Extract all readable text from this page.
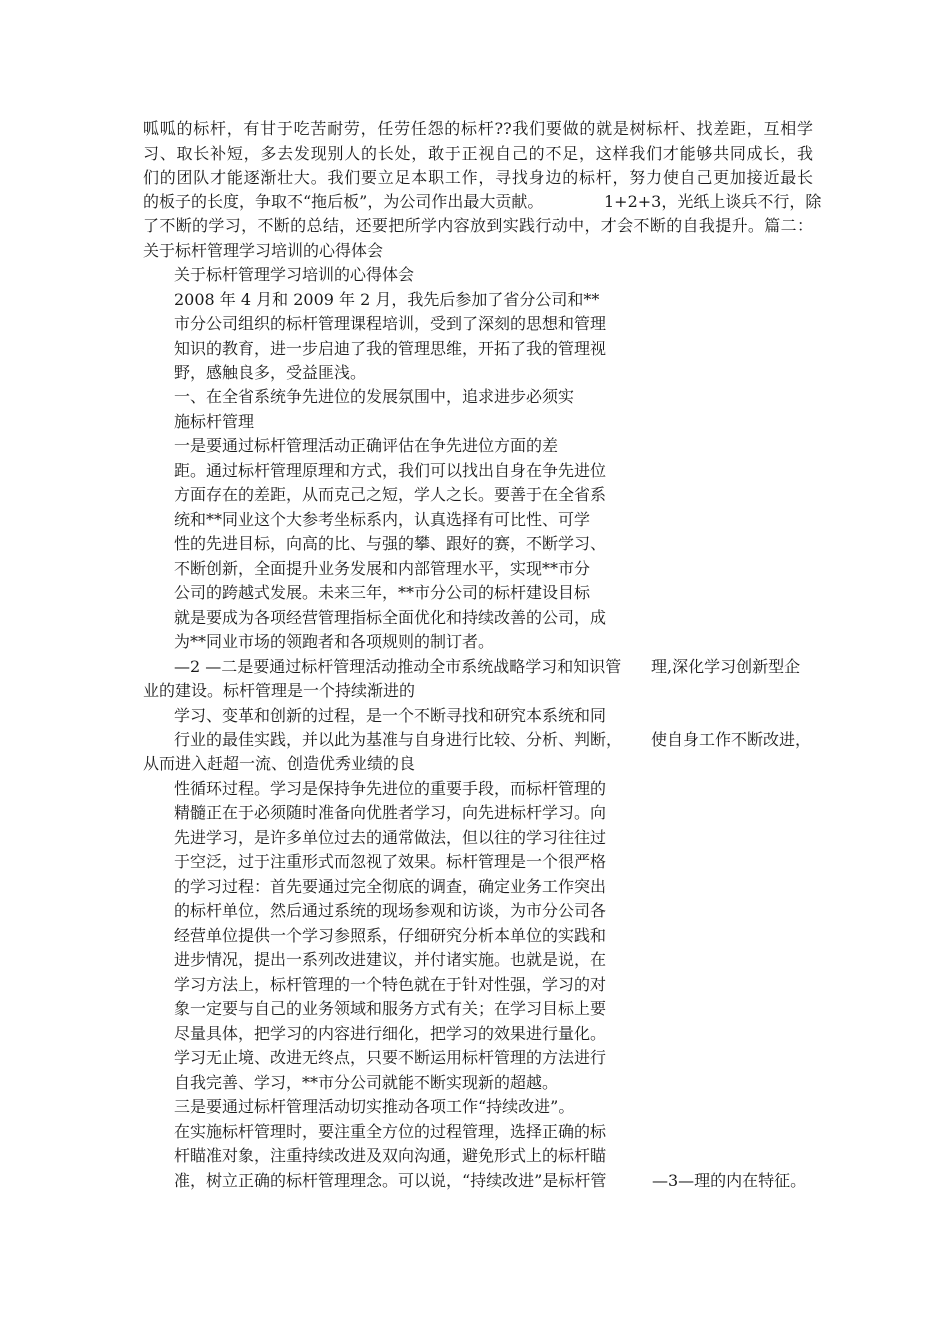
呱呱的标杆，有甘于吃苦耐劳，任劳任怨的标杆??我们要做的就是树标杆、找差距，互相学
习、取长补短，多去发现别人的长处，敢于正视自己的不足，这样我们才能够共同成长，我
们的团队才能逐渐壮大。我们要立足本职工作，寻找身边的标杆，努力使自己更加接近最长
的板子的长度，争取不“拖后板”，为公司作出最大贡献。	1+2+3，光纸上谈兵不行，除
了不断的学习，不断的总结，还要把所学内容放到实践行动中，才会不断的自我提升。篇二：
关于标杆管理学习培训的心得体会
关于标杆管理学习培训的心得体会
2008 年 4 月和 2009 年 2 月，我先后参加了省分公司和**
市分公司组织的标杆管理课程培训，受到了深刻的思想和管理
知识的教育，进一步启迪了我的管理思维，开拓了我的管理视
野，感触良多，受益匪浅。
一、在全省系统争先进位的发展氛围中，追求进步必须实
施标杆管理
一是要通过标杆管理活动正确评估在争先进位方面的差
距。通过标杆管理原理和方式，我们可以找出自身在争先进位
方面存在的差距，从而克己之短，学人之长。要善于在全省系
统和**同业这个大参考坐标系内，认真选择有可比性、可学
性的先进目标，向高的比、与强的攀、跟好的赛，不断学习、
不断创新，全面提升业务发展和内部管理水平，实现**市分
公司的跨越式发展。未来三年，**市分公司的标杆建设目标
就是要成为各项经营管理指标全面优化和持续改善的公司，成
为**同业市场的领跑者和各项规则的制订者。
—2 —二是要通过标杆管理活动推动全市系统战略学习和知识管 理,深化学习创新型企
业的建设。标杆管理是一个持续渐进的
学习、变革和创新的过程，是一个不断寻找和研究本系统和同
行业的最佳实践，并以此为基准与自身进行比较、分析、判断， 使自身工作不断改进，
从而进入赶超一流、创造优秀业绩的良
性循环过程。学习是保持争先进位的重要手段，而标杆管理的
精髓正在于必须随时准备向优胜者学习，向先进标杆学习。向
先进学习，是许多单位过去的通常做法，但以往的学习往往过
于空泛，过于注重形式而忽视了效果。标杆管理是一个很严格
的学习过程：首先要通过完全彻底的调查，确定业务工作突出
的标杆单位，然后通过系统的现场参观和访谈，为市分公司各
经营单位提供一个学习参照系，仔细研究分析本单位的实践和
进步情况，提出一系列改进建议，并付诸实施。也就是说，在
学习方法上，标杆管理的一个特色就在于针对性强，学习的对
象一定要与自己的业务领域和服务方式有关；在学习目标上要
尽量具体，把学习的内容进行细化，把学习的效果进行量化。
学习无止境、改进无终点，只要不断运用标杆管理的方法进行
自我完善、学习，**市分公司就能不断实现新的超越。
三是要通过标杆管理活动切实推动各项工作“持续改进”。
在实施标杆管理时，要注重全方位的过程管理，选择正确的标
杆瞄准对象，注重持续改进及双向沟通，避免形式上的标杆瞄
准，树立正确的标杆管理理念。可以说，“持续改进”是标杆管	—3—理的内在特征。
